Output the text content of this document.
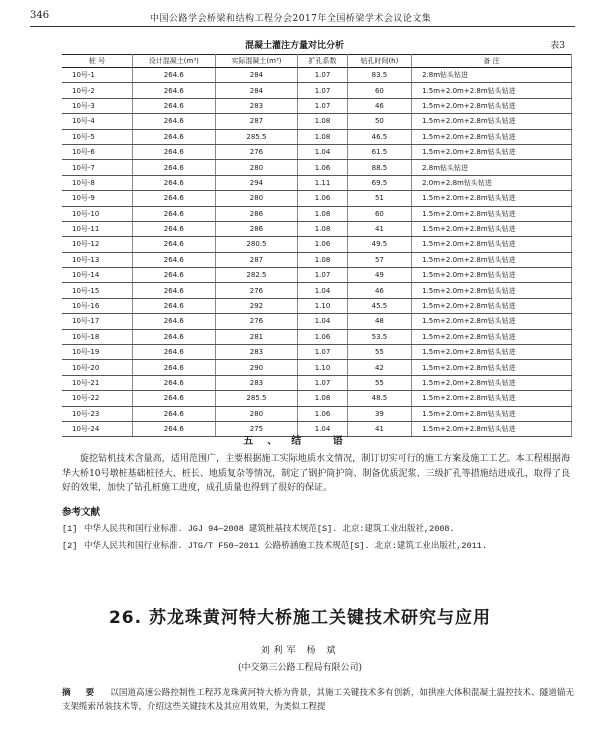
346	中国公路学会桥梁和结构工程分会2017年全国桥梁学术会议论文集
混凝土灌注方量对比分析	表3
桩 号	设计混凝土(m³)	实际混凝土(m³)	扩孔系数	钻孔时间(h)	备 注
10号-1	264.6	284	1.07	83.5	2.8m钻头钻进
10号-2	264.6	284	1.07	60	1.5m+2.0m+2.8m钻头钻进
10号-3	264.6	283	1.07	46	1.5m+2.0m+2.8m钻头钻进
10号-4	264.6	287	1.08	50	1.5m+2.0m+2.8m钻头钻进
10号-5	264.6	285.5	1.08	46.5	1.5m+2.0m+2.8m钻头钻进
10号-6	264.6	276	1.04	61.5	1.5m+2.0m+2.8m钻头钻进
10号-7	264.6	280	1.06	88.5	2.8m钻头钻进
10号-8	264.6	294	1.11	69.5	2.0m+2.8m钻头钻进
10号-9	264.6	280	1.06	51	1.5m+2.0m+2.8m钻头钻进
10号-10	264.6	286	1.08	60	1.5m+2.0m+2.8m钻头钻进
10号-11	264.6	286	1.08	41	1.5m+2.0m+2.8m钻头钻进
10号-12	264.6	280.5	1.06	49.5	1.5m+2.0m+2.8m钻头钻进
10号-13	264.6	287	1.08	57	1.5m+2.0m+2.8m钻头钻进
10号-14	264.6	282.5	1.07	49	1.5m+2.0m+2.8m钻头钻进
10号-15	264.6	276	1.04	46	1.5m+2.0m+2.8m钻头钻进
10号-16	264.6	292	1.10	45.5	1.5m+2.0m+2.8m钻头钻进
10号-17	264.6	276	1.04	48	1.5m+2.0m+2.8m钻头钻进
10号-18	264.6	281	1.06	53.5	1.5m+2.0m+2.8m钻头钻进
10号-19	264.6	283	1.07	55	1.5m+2.0m+2.8m钻头钻进
10号-20	264.6	290	1.10	42	1.5m+2.0m+2.8m钻头钻进
10号-21	264.6	283	1.07	55	1.5m+2.0m+2.8m钻头钻进
10号-22	264.6	285.5	1.08	48.5	1.5m+2.0m+2.8m钻头钻进
10号-23	264.6	280	1.06	39	1.5m+2.0m+2.8m钻头钻进
10号-24	264.6	275	1.04	41	1.5m+2.0m+2.8m钻头钻进
五、结 语

旋挖钻机技术含量高，适用范围广，主要根据施工实际地质水文情况，制订切实可行的施工方案及施工工艺。本工程根据海华大桥10号墩桩基础桩径大、桩长、地质复杂等情况，制定了钢护筒护筒、制备优质泥浆、三级扩孔等措施结进成孔，取得了良好的效果，加快了钻孔桩施工进度，成孔质量也得到了很好的保证。

参考文献
[1] 中华人民共和国行业标准. JGJ 94—2008 建筑桩基技术规范[S]. 北京:建筑工业出版社,2008.
[2] 中华人民共和国行业标准. JTG/T F50—2011 公路桥涵施工技术规范[S]. 北京:建筑工业出版社,2011.
26. 苏龙珠黄河特大桥施工关键技术研究与应用
刘利军 杨 斌
(中交第三公路工程局有限公司)
摘 要 以国道高速公路控制性工程苏龙珠黄河特大桥为背景，其施工关键技术多有创新，如拱座大体积混凝土温控技术、隧道锚无支架缆索吊装技术等，介绍这些关键技术及其应用效果，为类似工程提
